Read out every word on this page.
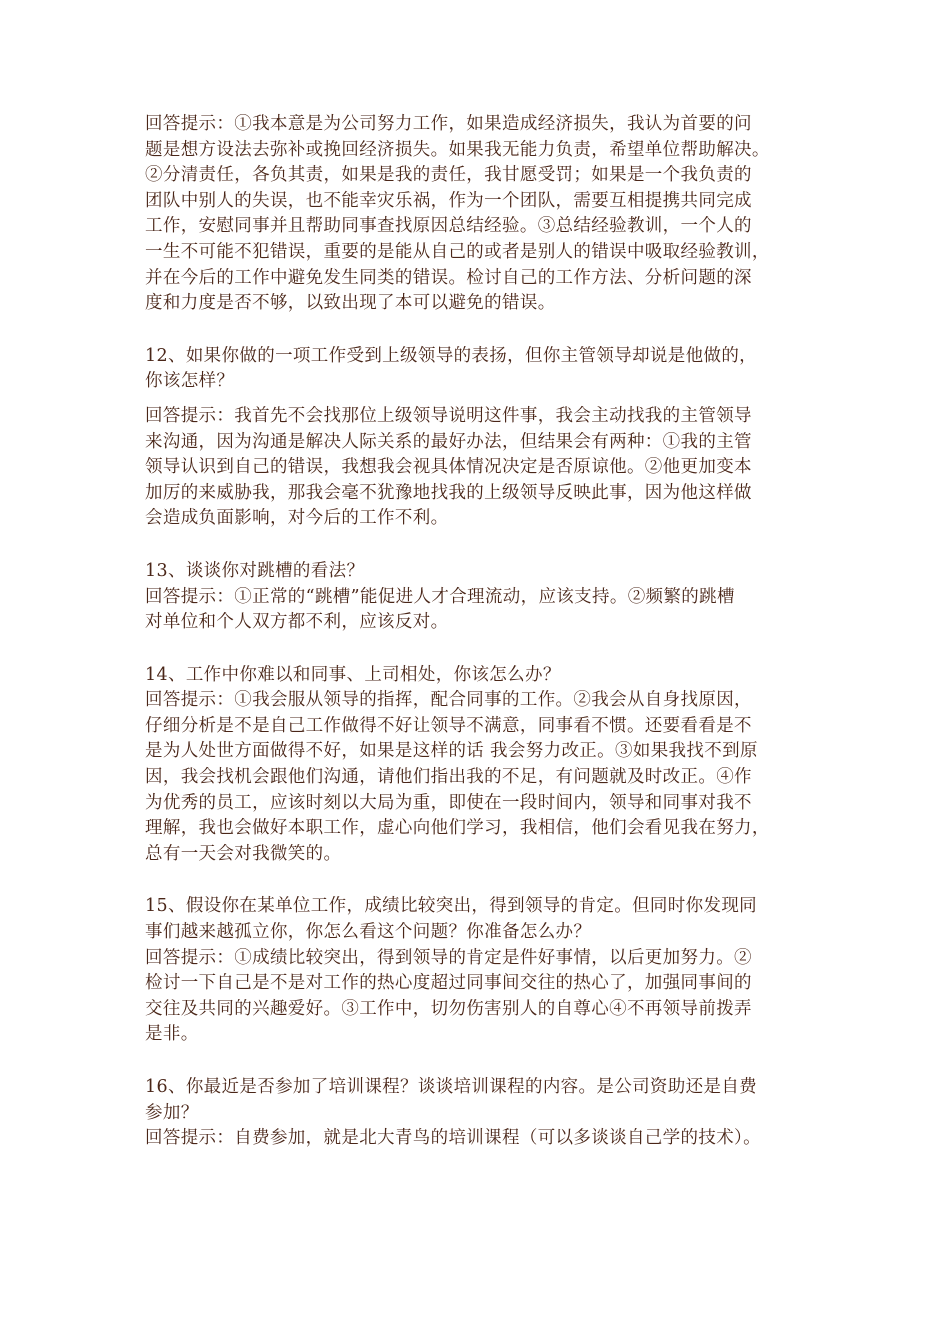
回答提示：①我本意是为公司努力工作，如果造成经济损失，我认为首要的问
题是想方设法去弥补或挽回经济损失。如果我无能力负责，希望单位帮助解决。
②分清责任，各负其责，如果是我的责任，我甘愿受罚；如果是一个我负责的
团队中别人的失误，也不能幸灾乐祸，作为一个团队，需要互相提携共同完成
工作，安慰同事并且帮助同事查找原因总结经验。③总结经验教训，一个人的
一生不可能不犯错误，重要的是能从自己的或者是别人的错误中吸取经验教训，
并在今后的工作中避免发生同类的错误。检讨自己的工作方法、分析问题的深
度和力度是否不够，以致出现了本可以避免的错误。
12、如果你做的一项工作受到上级领导的表扬，但你主管领导却说是他做的，
你该怎样？
回答提示：我首先不会找那位上级领导说明这件事，我会主动找我的主管领导
来沟通，因为沟通是解决人际关系的最好办法，但结果会有两种：①我的主管
领导认识到自己的错误，我想我会视具体情况决定是否原谅他。②他更加变本
加厉的来威胁我，那我会毫不犹豫地找我的上级领导反映此事，因为他这样做
会造成负面影响，对今后的工作不利。
13、谈谈你对跳槽的看法？
回答提示：①正常的“跳槽”能促进人才合理流动，应该支持。②频繁的跳槽
对单位和个人双方都不利，应该反对。
14、工作中你难以和同事、上司相处，你该怎么办？
回答提示：①我会服从领导的指挥，配合同事的工作。②我会从自身找原因，
仔细分析是不是自己工作做得不好让领导不满意，同事看不惯。还要看看是不
是为人处世方面做得不好，如果是这样的话 我会努力改正。③如果我找不到原
因，我会找机会跟他们沟通，请他们指出我的不足，有问题就及时改正。④作
为优秀的员工，应该时刻以大局为重，即使在一段时间内，领导和同事对我不
理解，我也会做好本职工作，虚心向他们学习，我相信，他们会看见我在努力，
总有一天会对我微笑的。
15、假设你在某单位工作，成绩比较突出，得到领导的肯定。但同时你发现同
事们越来越孤立你，你怎么看这个问题？你准备怎么办？
回答提示：①成绩比较突出，得到领导的肯定是件好事情，以后更加努力。②
检讨一下自己是不是对工作的热心度超过同事间交往的热心了，加强同事间的
交往及共同的兴趣爱好。③工作中，切勿伤害别人的自尊心④不再领导前拨弄
是非。
16、你最近是否参加了培训课程？谈谈培训课程的内容。是公司资助还是自费
参加？
回答提示：自费参加，就是北大青鸟的培训课程（可以多谈谈自己学的技术）。
